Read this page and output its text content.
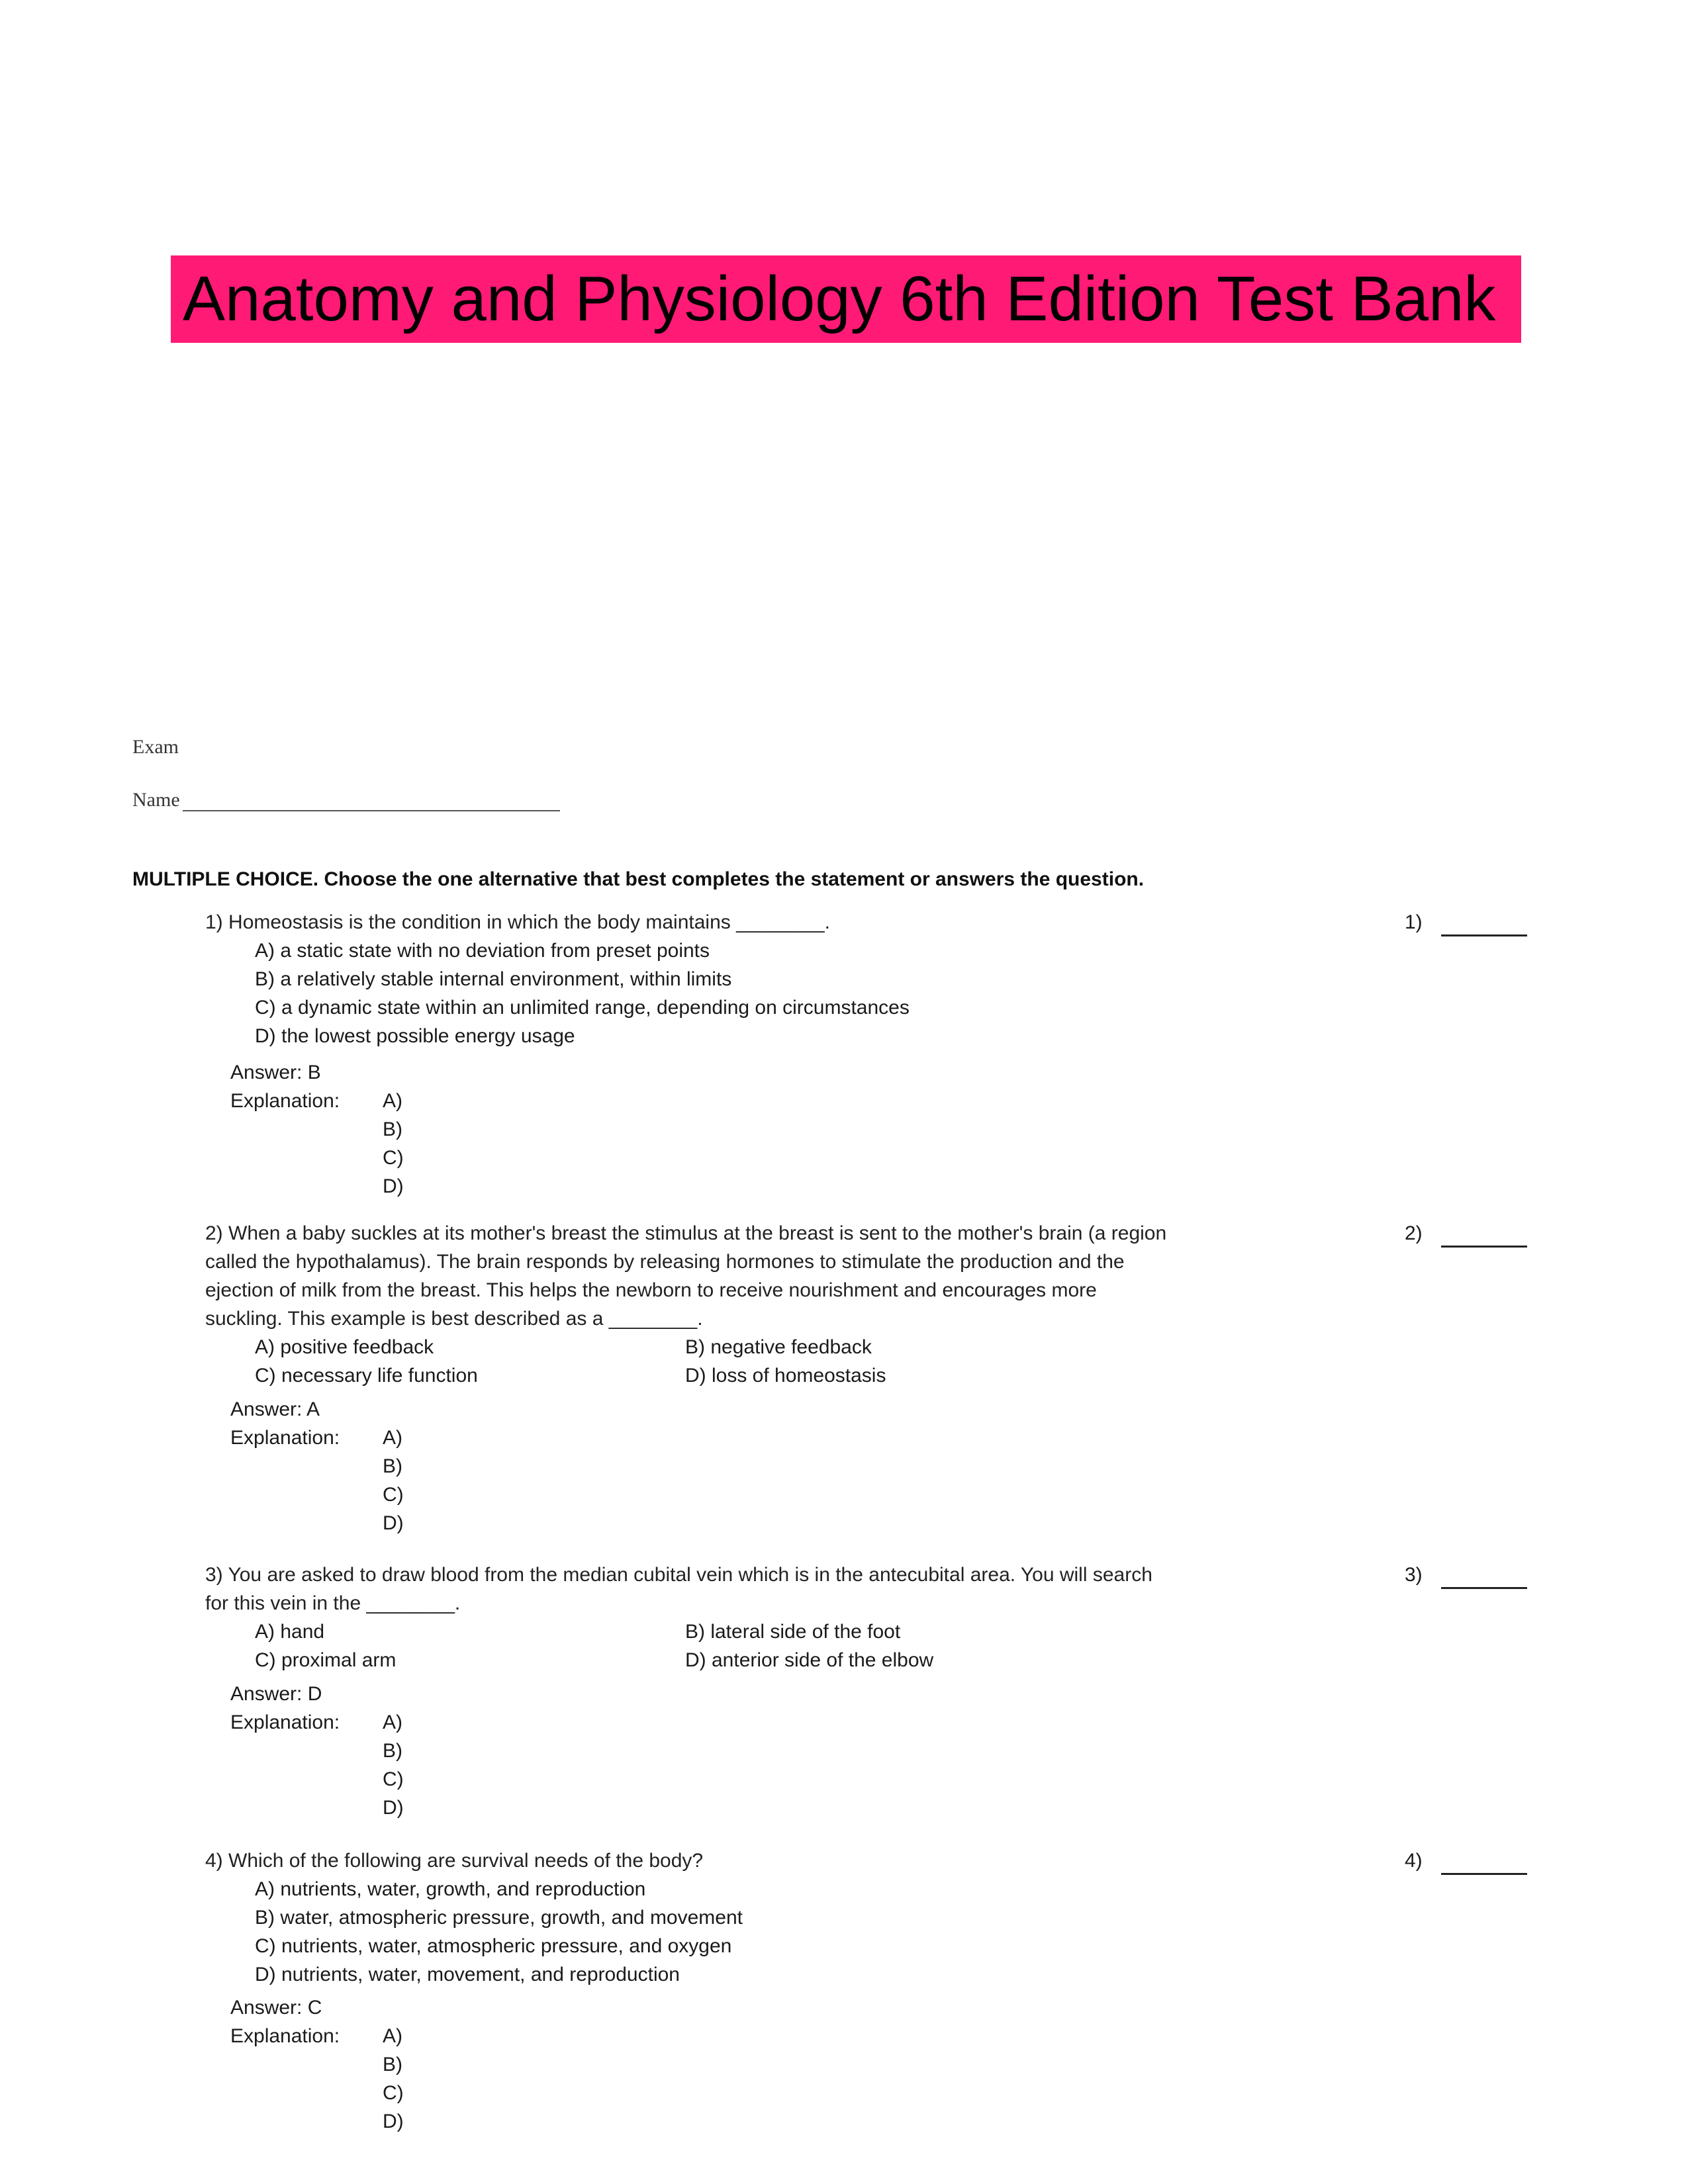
Anatomy and Physiology 6th Edition Test Bank
Exam
Name
MULTIPLE CHOICE. Choose the one alternative that best completes the statement or answers the question.
1) Homeostasis is the condition in which the body maintains ________.
A) a static state with no deviation from preset points
B) a relatively stable internal environment, within limits
C) a dynamic state within an unlimited range, depending on circumstances
D) the lowest possible energy usage
Answer: B
Explanation:	A)
B)
C)
D)
1)
2) When a baby suckles at its mother's breast the stimulus at the breast is sent to the mother's brain (a region called the hypothalamus). The brain responds by releasing hormones to stimulate the production and the ejection of milk from the breast. This helps the newborn to receive nourishment and encourages more suckling. This example is best described as a ________.
A) positive feedback	B) negative feedback
C) necessary life function	D) loss of homeostasis
Answer: A
Explanation:	A)
B)
C)
D)
2)
3) You are asked to draw blood from the median cubital vein which is in the antecubital area. You will search for this vein in the ________.
A) hand	B) lateral side of the foot
C) proximal arm	D) anterior side of the elbow
Answer: D
Explanation:	A)
B)
C)
D)
3)
4) Which of the following are survival needs of the body?
A) nutrients, water, growth, and reproduction
B) water, atmospheric pressure, growth, and movement
C) nutrients, water, atmospheric pressure, and oxygen
D) nutrients, water, movement, and reproduction
Answer: C
Explanation:	A)
B)
C)
D)
4)
